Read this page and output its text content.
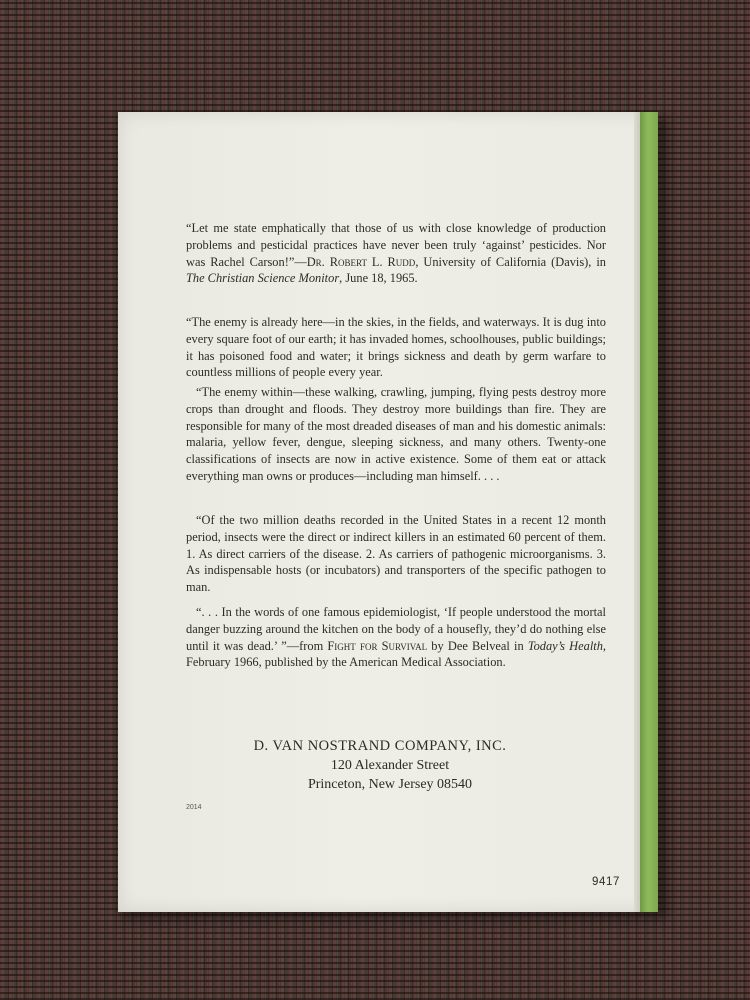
“Let me state emphatically that those of us with close knowledge of production problems and pesticidal practices have never been truly ‘against’ pesticides. Nor was Rachel Carson!”—Dr. Robert L. Rudd, University of California (Davis), in The Christian Science Monitor, June 18, 1965.

“The enemy is already here—in the skies, in the fields, and waterways. It is dug into every square foot of our earth; it has invaded homes, schoolhouses, public buildings; it has poisoned food and water; it brings sickness and death by germ warfare to countless millions of people every year.

“The enemy within—these walking, crawling, jumping, flying pests destroy more crops than drought and floods. They destroy more buildings than fire. They are responsible for many of the most dreaded diseases of man and his domestic animals: malaria, yellow fever, dengue, sleeping sickness, and many others. Twenty-one classifications of insects are now in active existence. Some of them eat or attack everything man owns or produces—including man himself. . . .

“Of the two million deaths recorded in the United States in a recent 12 month period, insects were the direct or indirect killers in an estimated 60 percent of them. 1. As direct carriers of the disease. 2. As carriers of pathogenic microorganisms. 3. As indispensable hosts (or incubators) and transporters of the specific pathogen to man.

“. . . In the words of one famous epidemiologist, ‘If people understood the mortal danger buzzing around the kitchen on the body of a housefly, they’d do nothing else until it was dead.’ ”—from Fight for Survival by Dee Belveal in Today’s Health, February 1966, published by the American Medical Association.

D. VAN NOSTRAND COMPANY, INC.

120 Alexander Street

Princeton, New Jersey 08540

2014
9417
